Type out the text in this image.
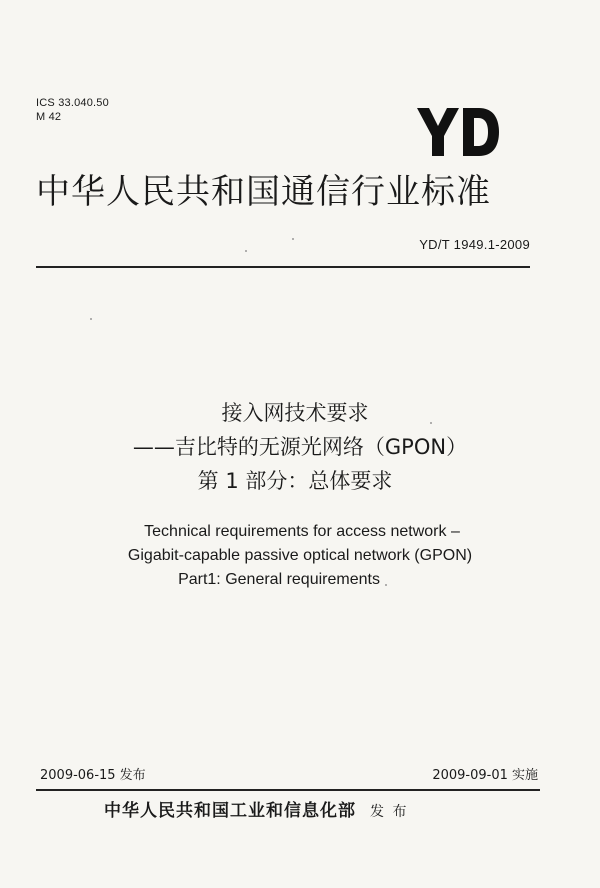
ICS 33.040.50
M 42
中华人民共和国通信行业标准
YD/T 1949.1-2009
接入网技术要求
——吉比特的无源光网络（GPON）
第 1 部分：总体要求
Technical requirements for access network –
Gigabit-capable passive optical network (GPON)
Part1: General requirements
2009-06-15 发布	2009-09-01 实施
中华人民共和国工业和信息化部 发 布
